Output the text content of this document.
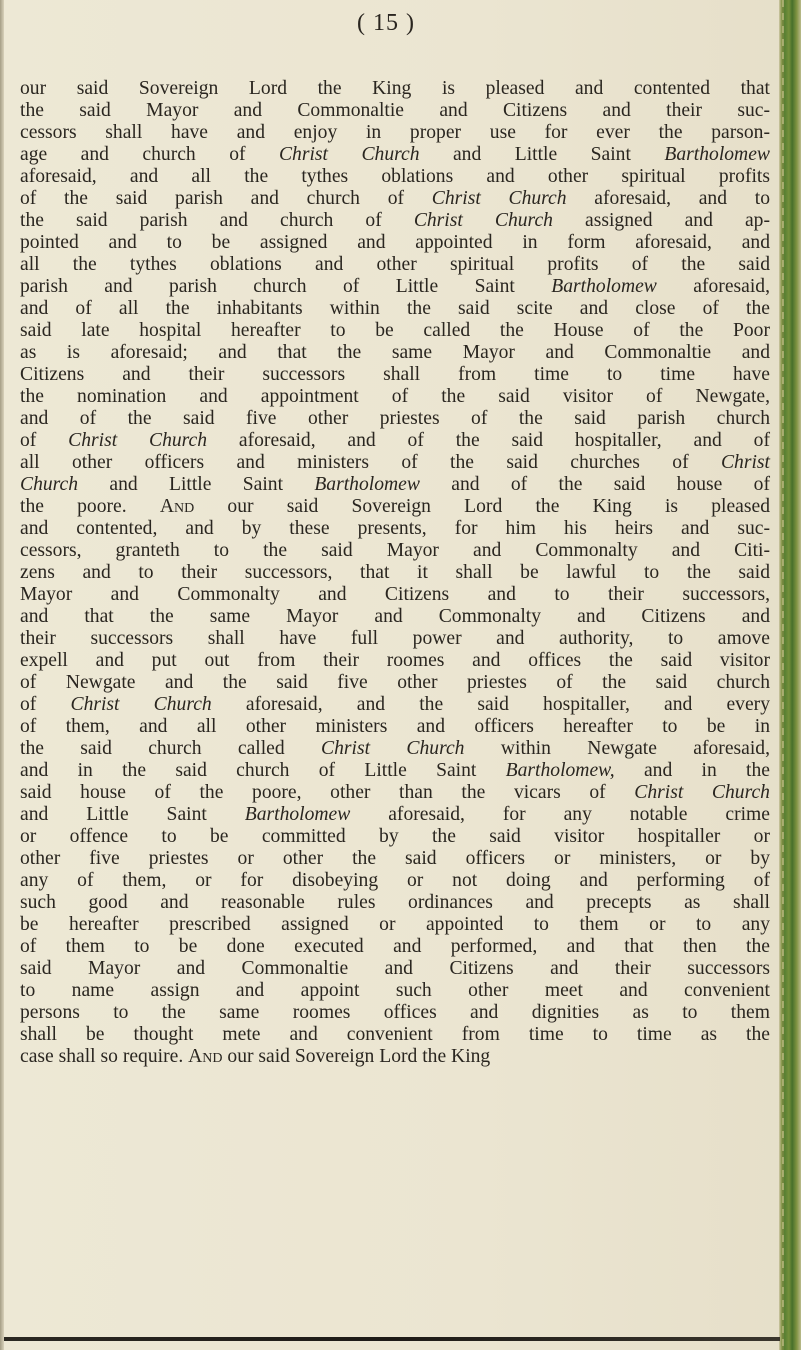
( 15 )
our said Sovereign Lord the King is pleased and contented that
the said Mayor and Commonaltie and Citizens and their suc-
cessors shall have and enjoy in proper use for ever the parson-
age and church of Christ Church and Little Saint Bartholomew
aforesaid, and all the tythes oblations and other spiritual profits
of the said parish and church of Christ Church aforesaid, and to
the said parish and church of Christ Church assigned and ap-
pointed and to be assigned and appointed in form aforesaid, and
all the tythes oblations and other spiritual profits of the said
parish and parish church of Little Saint Bartholomew aforesaid,
and of all the inhabitants within the said scite and close of the
said late hospital hereafter to be called the House of the Poor
as is aforesaid; and that the same Mayor and Commonaltie and
Citizens and their successors shall from time to time have
the nomination and appointment of the said visitor of Newgate,
and of the said five other priestes of the said parish church
of Christ Church aforesaid, and of the said hospitaller, and of
all other officers and ministers of the said churches of Christ
Church and Little Saint Bartholomew and of the said house of
the poore. And our said Sovereign Lord the King is pleased
and contented, and by these presents, for him his heirs and suc-
cessors, granteth to the said Mayor and Commonalty and Citi-
zens and to their successors, that it shall be lawful to the said
Mayor and Commonalty and Citizens and to their successors,
and that the same Mayor and Commonalty and Citizens and
their successors shall have full power and authority, to amove
expell and put out from their roomes and offices the said visitor
of Newgate and the said five other priestes of the said church
of Christ Church aforesaid, and the said hospitaller, and every
of them, and all other ministers and officers hereafter to be in
the said church called Christ Church within Newgate aforesaid,
and in the said church of Little Saint Bartholomew, and in the
said house of the poore, other than the vicars of Christ Church
and Little Saint Bartholomew aforesaid, for any notable crime
or offence to be committed by the said visitor hospitaller or
other five priestes or other the said officers or ministers, or by
any of them, or for disobeying or not doing and performing of
such good and reasonable rules ordinances and precepts as shall
be hereafter prescribed assigned or appointed to them or to any
of them to be done executed and performed, and that then the
said Mayor and Commonaltie and Citizens and their successors
to name assign and appoint such other meet and convenient
persons to the same roomes offices and dignities as to them
shall be thought mete and convenient from time to time as the
case shall so require. And our said Sovereign Lord the King
